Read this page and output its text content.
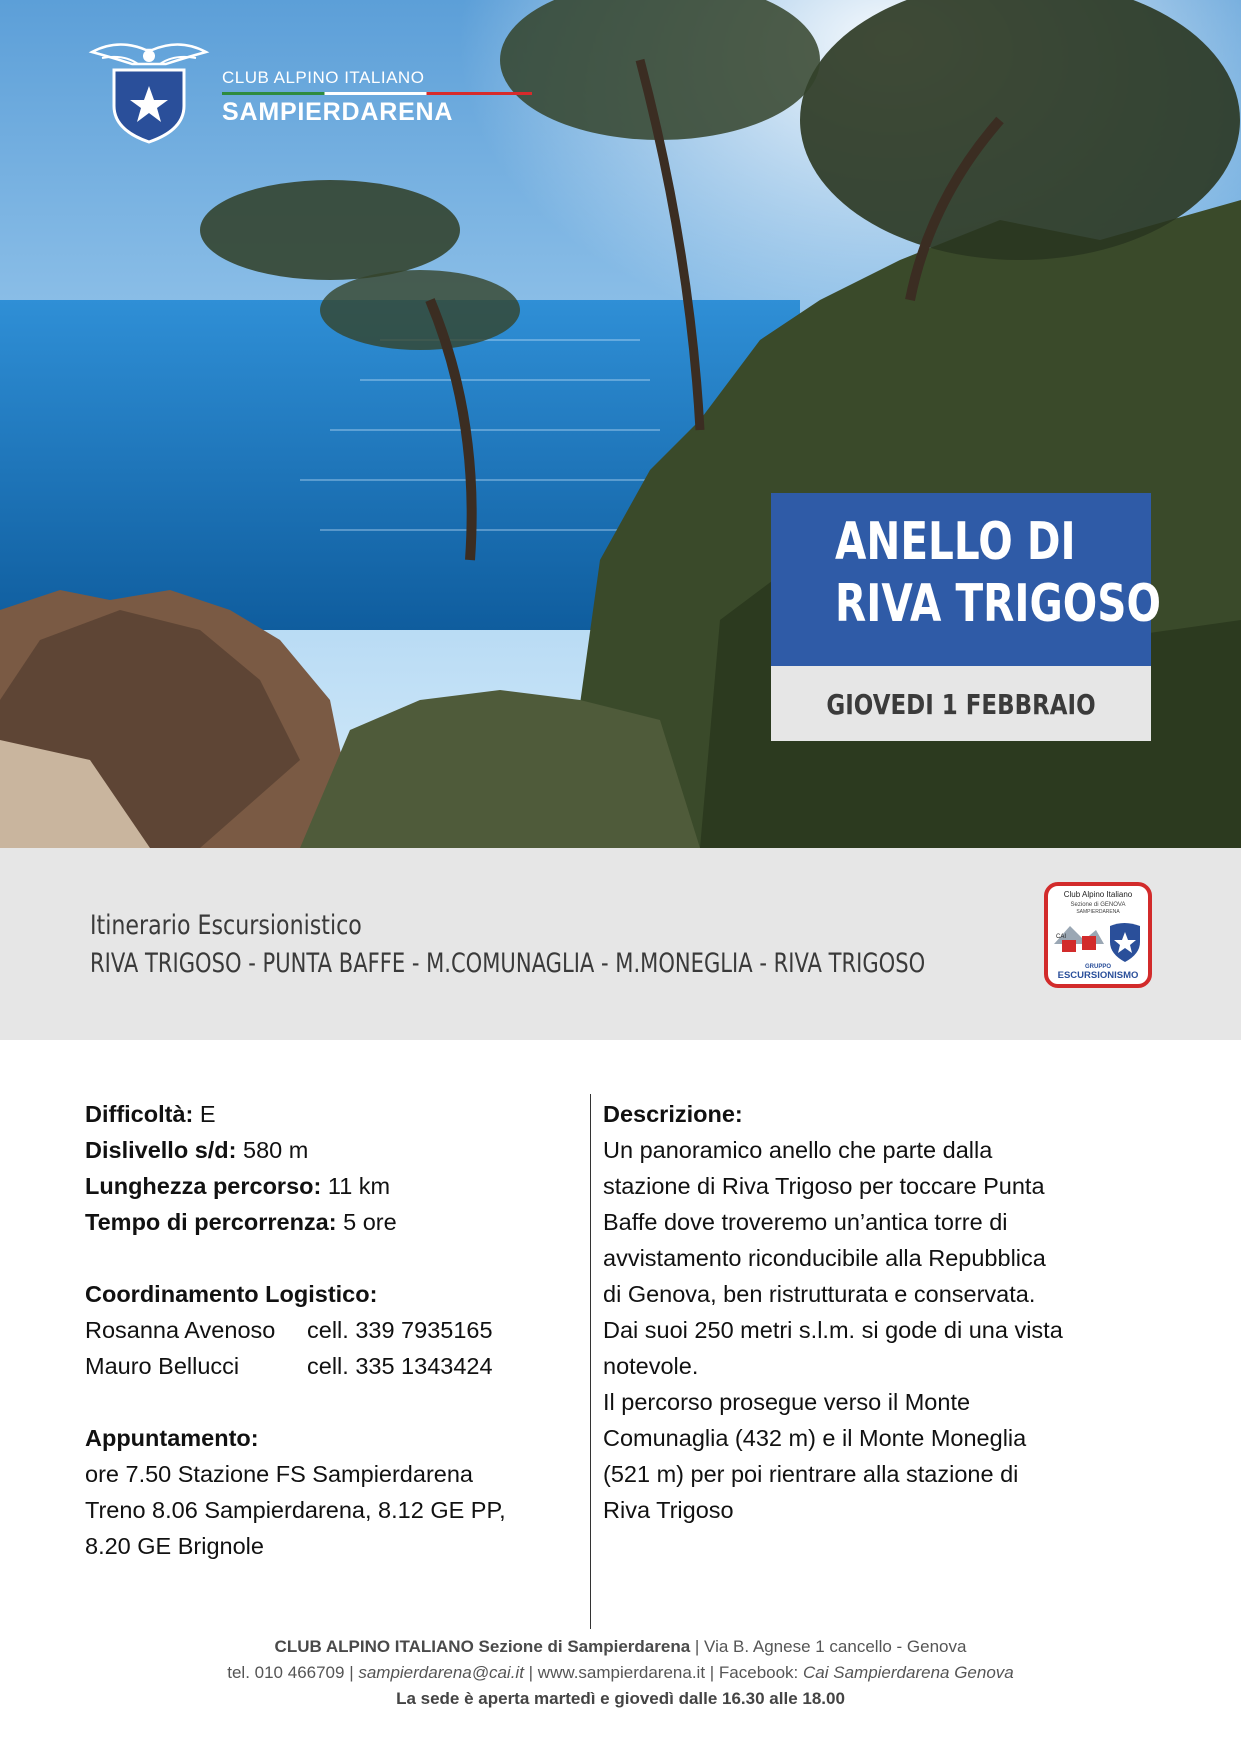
CLUB ALPINO ITALIANO
SAMPIERDARENA
ANELLO DI
RIVA TRIGOSO
GIOVEDI 1 FEBBRAIO
Itinerario Escursionistico
RIVA TRIGOSO - PUNTA BAFFE - M.COMUNAGLIA - M.MONEGLIA - RIVA TRIGOSO
Club Alpino Italiano
Sezione di GENOVA
SAMPIERDARENA
CAI
GRUPPO
ESCURSIONISMO
Difficoltà: E
Dislivello s/d: 580 m
Lunghezza percorso: 11 km
Tempo di percorrenza: 5 ore
Coordinamento Logistico:
Rosanna Avenoso cell. 339 7935165
Mauro Bellucci	cell. 335 1343424
Appuntamento:
ore 7.50 Stazione FS Sampierdarena
Treno 8.06 Sampierdarena, 8.12 GE PP,
8.20 GE Brignole
Descrizione:
Un panoramico anello che parte dalla
stazione di Riva Trigoso per toccare Punta
Baffe dove troveremo un’antica torre di
avvistamento riconducibile alla Repubblica
di Genova, ben ristrutturata e conservata.
Dai suoi 250 metri s.l.m. si gode di una vista
notevole.
Il percorso prosegue verso il Monte
Comunaglia (432 m) e il Monte Moneglia
(521 m) per poi rientrare alla stazione di
Riva Trigoso
CLUB ALPINO ITALIANO Sezione di Sampierdarena | Via B. Agnese 1 cancello - Genova
tel. 010 466709 | sampierdarena@cai.it | www.sampierdarena.it | Facebook: Cai Sampierdarena Genova
La sede è aperta martedì e giovedì dalle 16.30 alle 18.00
